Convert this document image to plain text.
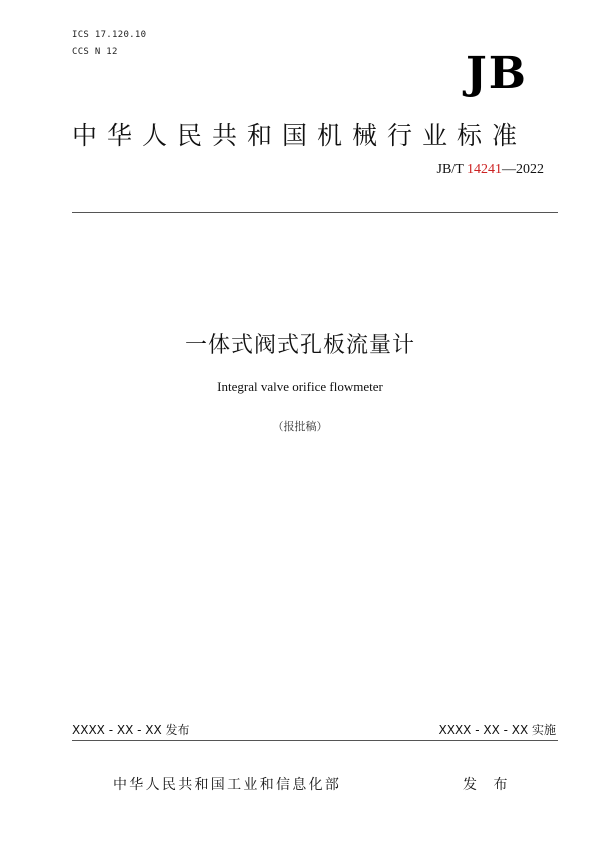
ICS 17.120.10
CCS N 12	JB
中华人民共和国机械行业标准
JB/T 14241—2022
一体式阀式孔板流量计
Integral valve orifice flowmeter
（报批稿）
XXXX - XX - XX 发布	XXXX - XX - XX 实施
中华人民共和国工业和信息化部	发 布
